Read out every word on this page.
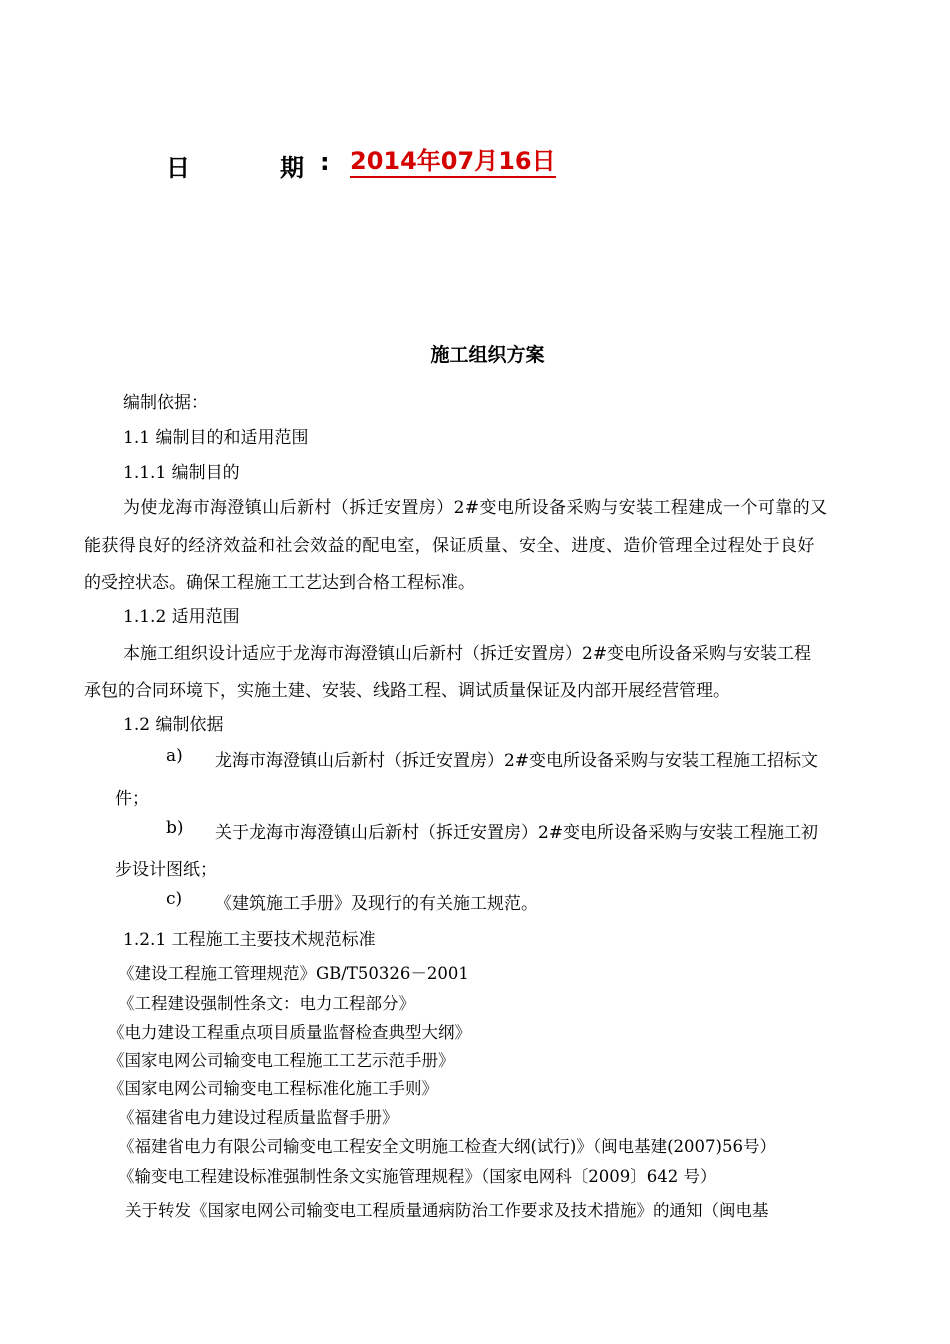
日	期 : 2014年07月16日
施工组织方案
编制依据：
1.1 编制目的和适用范围
1.1.1 编制目的
为使龙海市海澄镇山后新村（拆迁安置房）2#变电所设备采购与安装工程建成一个可靠的又
能获得良好的经济效益和社会效益的配电室，保证质量、安全、进度、造价管理全过程处于良好
的受控状态。确保工程施工工艺达到合格工程标准。
1.1.2 适用范围
本施工组织设计适应于龙海市海澄镇山后新村（拆迁安置房）2#变电所设备采购与安装工程
承包的合同环境下，实施土建、安装、线路工程、调试质量保证及内部开展经营管理。
1.2 编制依据
a) 龙海市海澄镇山后新村（拆迁安置房）2#变电所设备采购与安装工程施工招标文
件；
b) 关于龙海市海澄镇山后新村（拆迁安置房）2#变电所设备采购与安装工程施工初
步设计图纸；
c) 《建筑施工手册》及现行的有关施工规范。
1.2.1 工程施工主要技术规范标准
《建设工程施工管理规范》GB/T50326－2001
《工程建设强制性条文：电力工程部分》
《电力建设工程重点项目质量监督检查典型大纲》
《国家电网公司输变电工程施工工艺示范手册》
《国家电网公司输变电工程标准化施工手则》
《福建省电力建设过程质量监督手册》
《福建省电力有限公司输变电工程安全文明施工检查大纲(试行)》（闽电基建(2007)56号）
《输变电工程建设标准强制性条文实施管理规程》（国家电网科〔2009〕642 号）
关于转发《国家电网公司输变电工程质量通病防治工作要求及技术措施》的通知（闽电基
